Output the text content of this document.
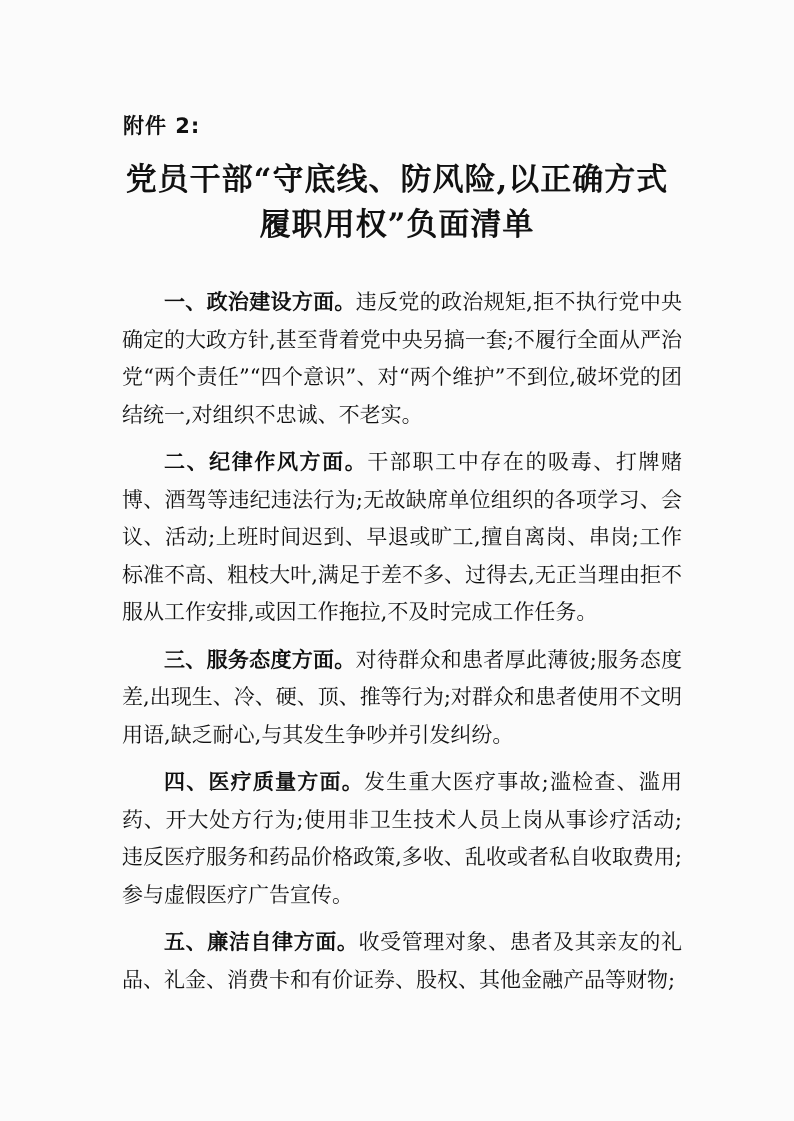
附件 2:
党员干部“守底线、防风险,以正确方式
履职用权”负面清单

一、政治建设方面。违反党的政治规矩,拒不执行党中央确定的大政方针,甚至背着党中央另搞一套;不履行全面从严治党“两个责任”“四个意识”、对“两个维护”不到位,破坏党的团结统一,对组织不忠诚、不老实。

二、纪律作风方面。干部职工中存在的吸毒、打牌赌博、酒驾等违纪违法行为;无故缺席单位组织的各项学习、会议、活动;上班时间迟到、早退或旷工,擅自离岗、串岗;工作标准不高、粗枝大叶,满足于差不多、过得去,无正当理由拒不服从工作安排,或因工作拖拉,不及时完成工作任务。

三、服务态度方面。对待群众和患者厚此薄彼;服务态度差,出现生、冷、硬、顶、推等行为;对群众和患者使用不文明用语,缺乏耐心,与其发生争吵并引发纠纷。

四、医疗质量方面。发生重大医疗事故;滥检查、滥用药、开大处方行为;使用非卫生技术人员上岗从事诊疗活动;违反医疗服务和药品价格政策,多收、乱收或者私自收取费用;参与虚假医疗广告宣传。

五、廉洁自律方面。收受管理对象、患者及其亲友的礼品、礼金、消费卡和有价证券、股权、其他金融产品等财物;
